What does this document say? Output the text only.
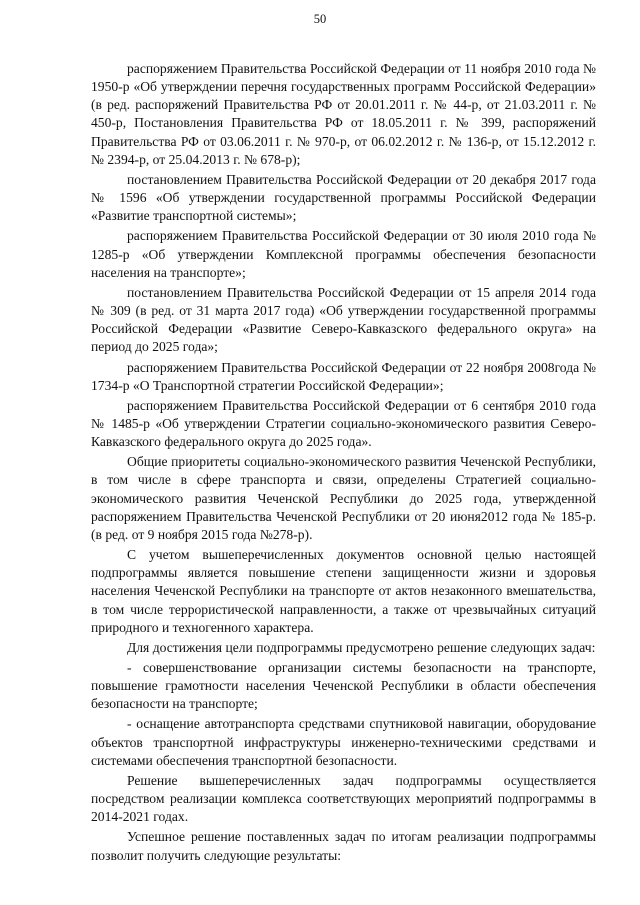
50

распоряжением Правительства Российской Федерации от 11 ноября 2010 года № 1950-р «Об утверждении перечня государственных программ Российской Федерации» (в ред. распоряжений Правительства РФ от 20.01.2011 г. № 44-р, от 21.03.2011 г. № 450-р, Постановления Правительства РФ от 18.05.2011 г. № 399, распоряжений Правительства РФ от 03.06.2011 г. № 970-р, от 06.02.2012 г. № 136-р, от 15.12.2012 г. № 2394-р, от 25.04.2013 г. № 678-р);

постановлением Правительства Российской Федерации от 20 декабря 2017 года № 1596 «Об утверждении государственной программы Российской Федерации «Развитие транспортной системы»;

распоряжением Правительства Российской Федерации от 30 июля 2010 года № 1285-р «Об утверждении Комплексной программы обеспечения безопасности населения на транспорте»;

постановлением Правительства Российской Федерации от 15 апреля 2014 года № 309 (в ред. от 31 марта 2017 года) «Об утверждении государственной программы Российской Федерации «Развитие Северо-Кавказского федерального округа» на период до 2025 года»;

распоряжением Правительства Российской Федерации от 22 ноября 2008года № 1734-р «О Транспортной стратегии Российской Федерации»;

распоряжением Правительства Российской Федерации от 6 сентября 2010 года № 1485-р «Об утверждении Стратегии социально-экономического развития Северо-Кавказского федерального округа до 2025 года».

Общие приоритеты социально-экономического развития Чеченской Республики, в том числе в сфере транспорта и связи, определены Стратегией социально-экономического развития Чеченской Республики до 2025 года, утвержденной распоряжением Правительства Чеченской Республики от 20 июня2012 года № 185-р. (в ред. от 9 ноября 2015 года №278-р).

С учетом вышеперечисленных документов основной целью настоящей подпрограммы является повышение степени защищенности жизни и здоровья населения Чеченской Республики на транспорте от актов незаконного вмешательства, в том числе террористической направленности, а также от чрезвычайных ситуаций природного и техногенного характера.

Для достижения цели подпрограммы предусмотрено решение следующих задач:

- совершенствование организации системы безопасности на транспорте, повышение грамотности населения Чеченской Республики в области обеспечения безопасности на транспорте;

- оснащение автотранспорта средствами спутниковой навигации, оборудование объектов транспортной инфраструктуры инженерно-техническими средствами и системами обеспечения транспортной безопасности.

Решение вышеперечисленных задач подпрограммы осуществляется посредством реализации комплекса соответствующих мероприятий подпрограммы в 2014-2021 годах.

Успешное решение поставленных задач по итогам реализации подпрограммы позволит получить следующие результаты:
